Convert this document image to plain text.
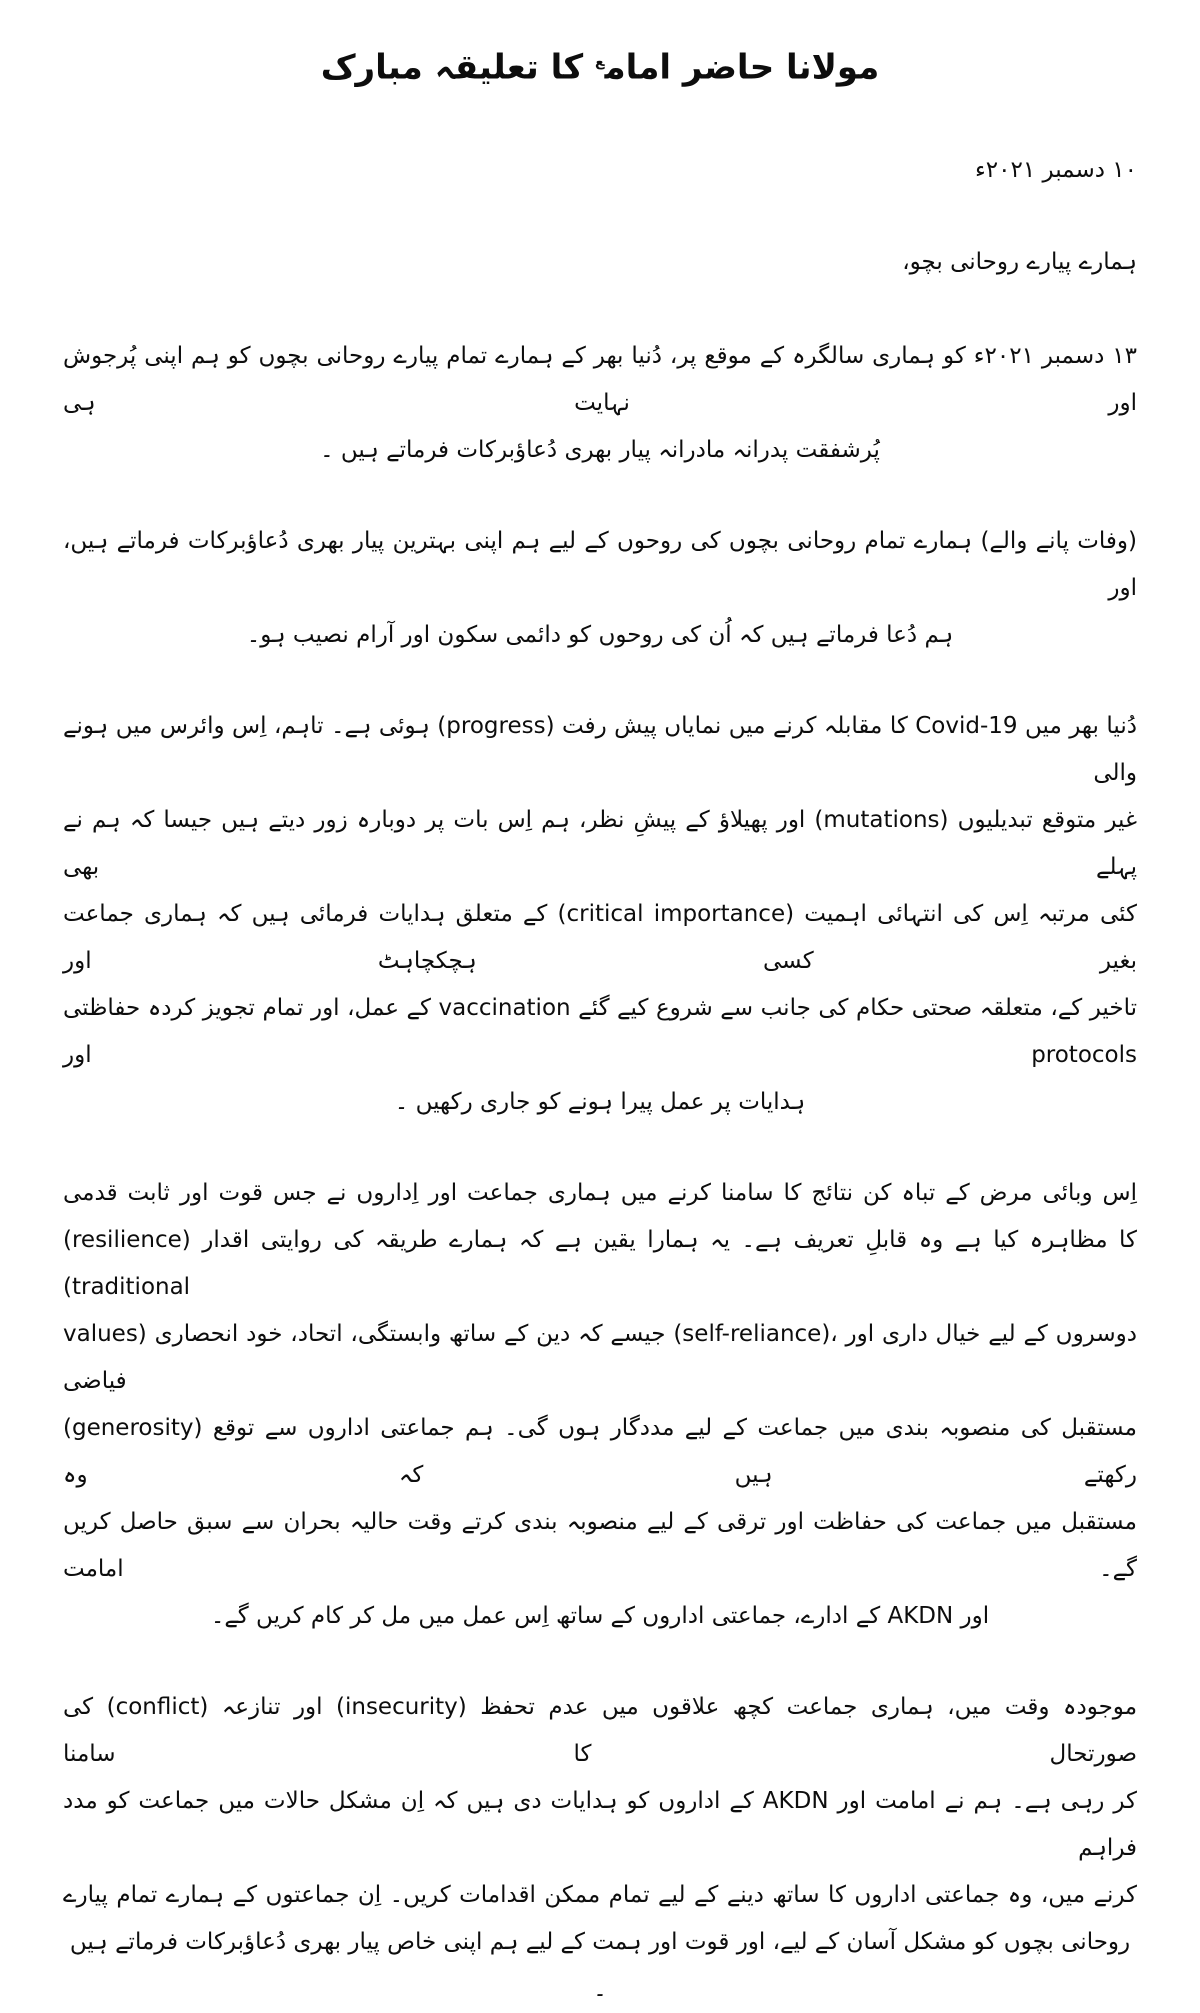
مولانا حاضر امام$^ع$ کا تعلیقہ مبارک
۱۰ دسمبر ۲۰۲۱ء
ہمارے پیارے روحانی بچو،
۱۳ دسمبر ۲۰۲۱ء کو ہماری سالگرہ کے موقع پر، دُنیا بھر کے ہمارے تمام پیارے روحانی بچوں کو ہم اپنی پُرجوش اور نہایت ہی
پُرشفقت پدرانہ مادرانہ پیار بھری دُعاؤبرکات فرماتے ہیں ۔
(وفات پانے والے) ہمارے تمام روحانی بچوں کی روحوں کے لیے ہم اپنی بہترین پیار بھری دُعاؤبرکات فرماتے ہیں، اور
ہم دُعا فرماتے ہیں کہ اُن کی روحوں کو دائمی سکون اور آرام نصیب ہو۔
دُنیا بھر میں Covid-19 کا مقابلہ کرنے میں نمایاں پیش رفت (progress) ہوئی ہے۔ تاہم، اِس وائرس میں ہونے والی
غیر متوقع تبدیلیوں (mutations) اور پھیلاؤ کے پیشِ نظر، ہم اِس بات پر دوبارہ زور دیتے ہیں جیسا کہ ہم نے پہلے بھی
کئی مرتبہ اِس کی انتہائی اہمیت (critical importance) کے متعلق ہدایات فرمائی ہیں کہ ہماری جماعت بغیر کسی ہچکچاہٹ اور
تاخیر کے، متعلقہ صحتی حکام کی جانب سے شروع کیے گئے vaccination کے عمل، اور تمام تجویز کردہ حفاظتی protocols اور
ہدایات پر عمل پیرا ہونے کو جاری رکھیں ۔
اِس وبائی مرض کے تباہ کن نتائج کا سامنا کرنے میں ہماری جماعت اور اِداروں نے جس قوت اور ثابت قدمی
(resilience) کا مظاہرہ کیا ہے وہ قابلِ تعریف ہے۔ یہ ہمارا یقین ہے کہ ہمارے طریقہ کی روایتی اقدار (traditional
values) جیسے کہ دین کے ساتھ وابستگی، اتحاد، خود انحصاری (self-reliance)، دوسروں کے لیے خیال داری اور فیاضی
(generosity) مستقبل کی منصوبہ بندی میں جماعت کے لیے مددگار ہوں گی۔ ہم جماعتی اداروں سے توقع رکھتے ہیں کہ وہ
مستقبل میں جماعت کی حفاظت اور ترقی کے لیے منصوبہ بندی کرتے وقت حالیہ بحران سے سبق حاصل کریں گے۔ امامت
اور AKDN کے ادارے، جماعتی اداروں کے ساتھ اِس عمل میں مل کر کام کریں گے۔
موجودہ وقت میں، ہماری جماعت کچھ علاقوں میں عدم تحفظ (insecurity) اور تنازعہ (conflict) کی صورتحال کا سامنا
کر رہی ہے۔ ہم نے امامت اور AKDN کے اداروں کو ہدایات دی ہیں کہ اِن مشکل حالات میں جماعت کو مدد فراہم
کرنے میں، وہ جماعتی اداروں کا ساتھ دینے کے لیے تمام ممکن اقدامات کریں۔ اِن جماعتوں کے ہمارے تمام پیارے
روحانی بچوں کو مشکل آسان کے لیے، اور قوت اور ہمت کے لیے ہم اپنی خاص پیار بھری دُعاؤبرکات فرماتے ہیں ۔
